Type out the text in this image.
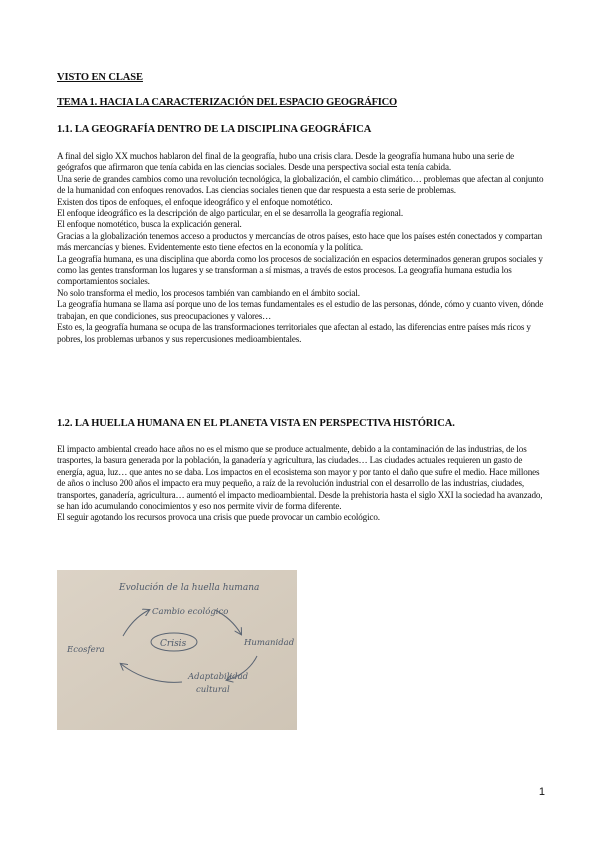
VISTO EN CLASE
TEMA 1. HACIA LA CARACTERIZACIÓN DEL ESPACIO GEOGRÁFICO
1.1. LA GEOGRAFÍA DENTRO DE LA DISCIPLINA GEOGRÁFICA

A final del siglo XX muchos hablaron del final de la geografía, hubo una crisis clara. Desde la geografía humana hubo una serie de geógrafos que afirmaron que tenía cabida en las ciencias sociales. Desde una perspectiva social esta tenía cabida.

Una serie de grandes cambios como una revolución tecnológica, la globalización, el cambio climático… problemas que afectan al conjunto de la humanidad con enfoques renovados. Las ciencias sociales tienen que dar respuesta a esta serie de problemas.

Existen dos tipos de enfoques, el enfoque ideográfico y el enfoque nomotético.

El enfoque ideográfico es la descripción de algo particular, en el se desarrolla la geografía regional.

El enfoque nomotético, busca la explicación general.

Gracias a la globalización tenemos acceso a productos y mercancías de otros países, esto hace que los países estén conectados y compartan más mercancías y bienes. Evidentemente esto tiene efectos en la economía y la política.

La geografía humana, es una disciplina que aborda como los procesos de socialización en espacios determinados generan grupos sociales y como las gentes transforman los lugares y se transforman a sí mismas, a través de estos procesos. La geografía humana estudia los comportamientos sociales.

No solo transforma el medio, los procesos también van cambiando en el ámbito social.

La geografía humana se llama así porque uno de los temas fundamentales es el estudio de las personas, dónde, cómo y cuanto viven, dónde trabajan, en que condiciones, sus preocupaciones y valores…

Esto es, la geografía humana se ocupa de las transformaciones territoriales que afectan al estado, las diferencias entre países más ricos y pobres, los problemas urbanos y sus repercusiones medioambientales.

1.2. LA HUELLA HUMANA EN EL PLANETA VISTA EN PERSPECTIVA HISTÓRICA.

El impacto ambiental creado hace años no es el mismo que se produce actualmente, debido a la contaminación de las industrias, de los trasportes, la basura generada por la población, la ganadería y agricultura, las ciudades… Las ciudades actuales requieren un gasto de energía, agua, luz… que antes no se daba. Los impactos en el ecosistema son mayor y por tanto el daño que sufre el medio. Hace millones de años o incluso 200 años el impacto era muy pequeño, a raíz de la revolución industrial con el desarrollo de las industrias, ciudades, transportes, ganadería, agricultura… aumentó el impacto medioambiental. Desde la prehistoria hasta el siglo XXI la sociedad ha avanzado, se han ido acumulando conocimientos y eso nos permite vivir de forma diferente.

El seguir agotando los recursos provoca una crisis que puede provocar un cambio ecológico.

Evolución de la huella humana
Cambio ecológico
Crisis
Ecosfera
Humanidad
Adaptabilidad
cultural
1
